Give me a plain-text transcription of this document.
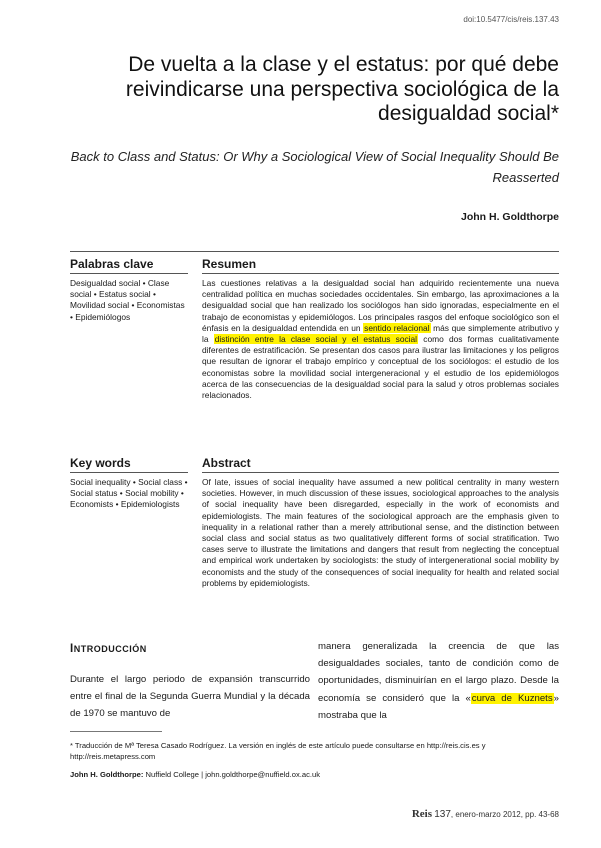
doi:10.5477/cis/reis.137.43
De vuelta a la clase y el estatus: por qué debe reivindicarse una perspectiva sociológica de la desigualdad social*
Back to Class and Status: Or Why a Sociological View of Social Inequality Should Be Reasserted
John H. Goldthorpe
Palabras clave	Resumen
Desigualdad social • Clase social • Estatus social • Movilidad social • Economistas • Epidemiólogos
Las cuestiones relativas a la desigualdad social han adquirido recientemente una nueva centralidad política en muchas sociedades occidentales. Sin embargo, las aproximaciones a la desigualdad social que han realizado los sociólogos han sido ignoradas, especialmente en el trabajo de economistas y epidemiólogos. Los principales rasgos del enfoque sociológico son el énfasis en la desigualdad entendida en un sentido relacional más que simplemente atributivo y la distinción entre la clase social y el estatus social como dos formas cualitativamente diferentes de estratificación. Se presentan dos casos para ilustrar las limitaciones y los peligros que resultan de ignorar el trabajo empírico y conceptual de los sociólogos: el estudio de los economistas sobre la movilidad social intergeneracional y el estudio de los epidemiólogos acerca de las consecuencias de la desigualdad social para la salud y otros problemas sociales relacionados.
Key words	Abstract
Social inequality • Social class • Social status • Social mobility • Economists • Epidemiologists
Of late, issues of social inequality have assumed a new political centrality in many western societies. However, in much discussion of these issues, sociological approaches to the analysis of social inequality have been disregarded, especially in the work of economists and epidemiologists. The main features of the sociological approach are the emphasis given to inequality in a relational rather than a merely attributional sense, and the distinction between social class and social status as two qualitatively different forms of social stratification. Two cases serve to illustrate the limitations and dangers that result from neglecting the conceptual and empirical work undertaken by sociologists: the study of intergenerational social mobility by economists and the study of the consequences of social inequality for health and related social problems by epidemiologists.
Introducción
Durante el largo periodo de expansión transcurrido entre el final de la Segunda Guerra Mundial y la década de 1970 se mantuvo de
manera generalizada la creencia de que las desigualdades sociales, tanto de condición como de oportunidades, disminuirían en el largo plazo. Desde la economía se consideró que la «curva de Kuznets» mostraba que la
* Traducción de Mª Teresa Casado Rodríguez. La versión en inglés de este artículo puede consultarse en http://reis.cis.es y http://reis.metapress.com
John H. Goldthorpe: Nuffield College | john.goldthorpe@nuffield.ox.ac.uk
Reis 137, enero-marzo 2012, pp. 43-68
